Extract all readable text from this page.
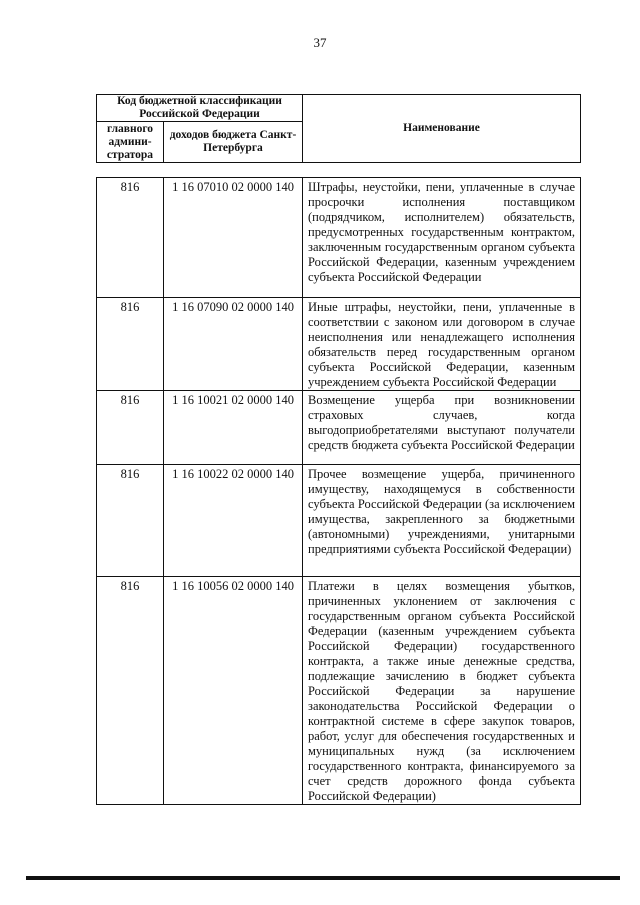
37
Код бюджетной классификации Российской Федерации		Наименование
главного админи-стратора	доходов бюджета Санкт-Петербурга	
816	1 16 07010 02 0000 140	Штрафы, неустойки, пени, уплаченные в случае просрочки исполнения поставщиком (подрядчиком, исполнителем) обязательств, предусмотренных государственным контрактом, заключенным государственным органом субъекта Российской Федерации, казенным учреждением субъекта Российской Федерации
816	1 16 07090 02 0000 140	Иные штрафы, неустойки, пени, уплаченные в соответствии с законом или договором в случае неисполнения или ненадлежащего исполнения обязательств перед государственным органом субъекта Российской Федерации, казенным учреждением субъекта Российской Федерации
816	1 16 10021 02 0000 140	Возмещение ущерба при возникновении страховых случаев, когда выгодоприобретателями выступают получатели средств бюджета субъекта Российской Федерации
816	1 16 10022 02 0000 140	Прочее возмещение ущерба, причиненного имуществу, находящемуся в собственности субъекта Российской Федерации (за исключением имущества, закрепленного за бюджетными (автономными) учреждениями, унитарными предприятиями субъекта Российской Федерации)
816	1 16 10056 02 0000 140	Платежи в целях возмещения убытков, причиненных уклонением от заключения с государственным органом субъекта Российской Федерации (казенным учреждением субъекта Российской Федерации) государственного контракта, а также иные денежные средства, подлежащие зачислению в бюджет субъекта Российской Федерации за нарушение законодательства Российской Федерации о контрактной системе в сфере закупок товаров, работ, услуг для обеспечения государственных и муниципальных нужд (за исключением государственного контракта, финансируемого за счет средств дорожного фонда субъекта Российской Федерации)
